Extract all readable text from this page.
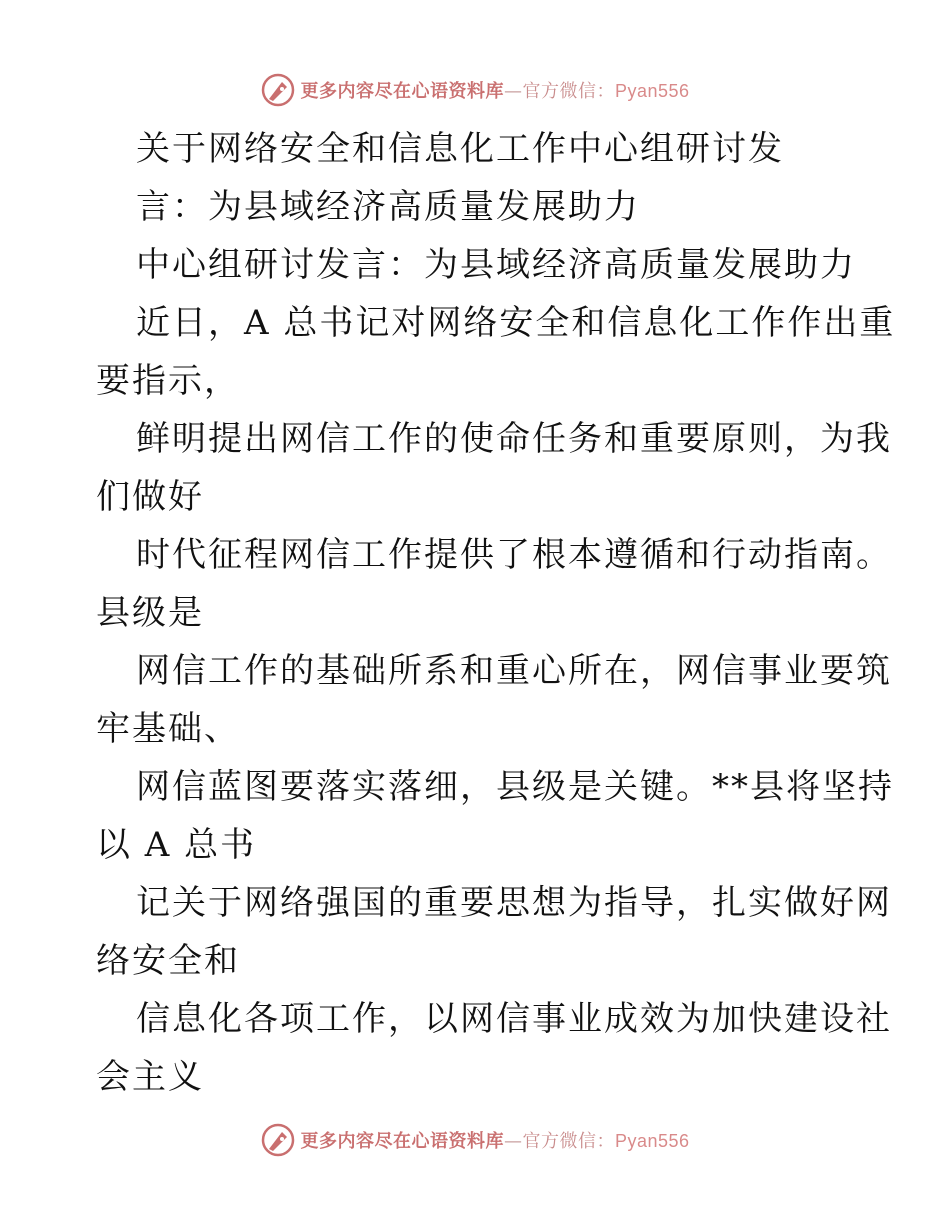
更多内容尽在心语资料库—官方微信：Pyan556
关于网络安全和信息化工作中心组研讨发
言：为县域经济高质量发展助力
中心组研讨发言：为县域经济高质量发展助力
近日，A 总书记对网络安全和信息化工作作出重
要指示，
鲜明提出网信工作的使命任务和重要原则，为我
们做好
时代征程网信工作提供了根本遵循和行动指南。
县级是
网信工作的基础所系和重心所在，网信事业要筑
牢基础、
网信蓝图要落实落细，县级是关键。**县将坚持
以 A 总书
记关于网络强国的重要思想为指导，扎实做好网
络安全和
信息化各项工作，以网信事业成效为加快建设社
会主义
更多内容尽在心语资料库—官方微信：Pyan556
